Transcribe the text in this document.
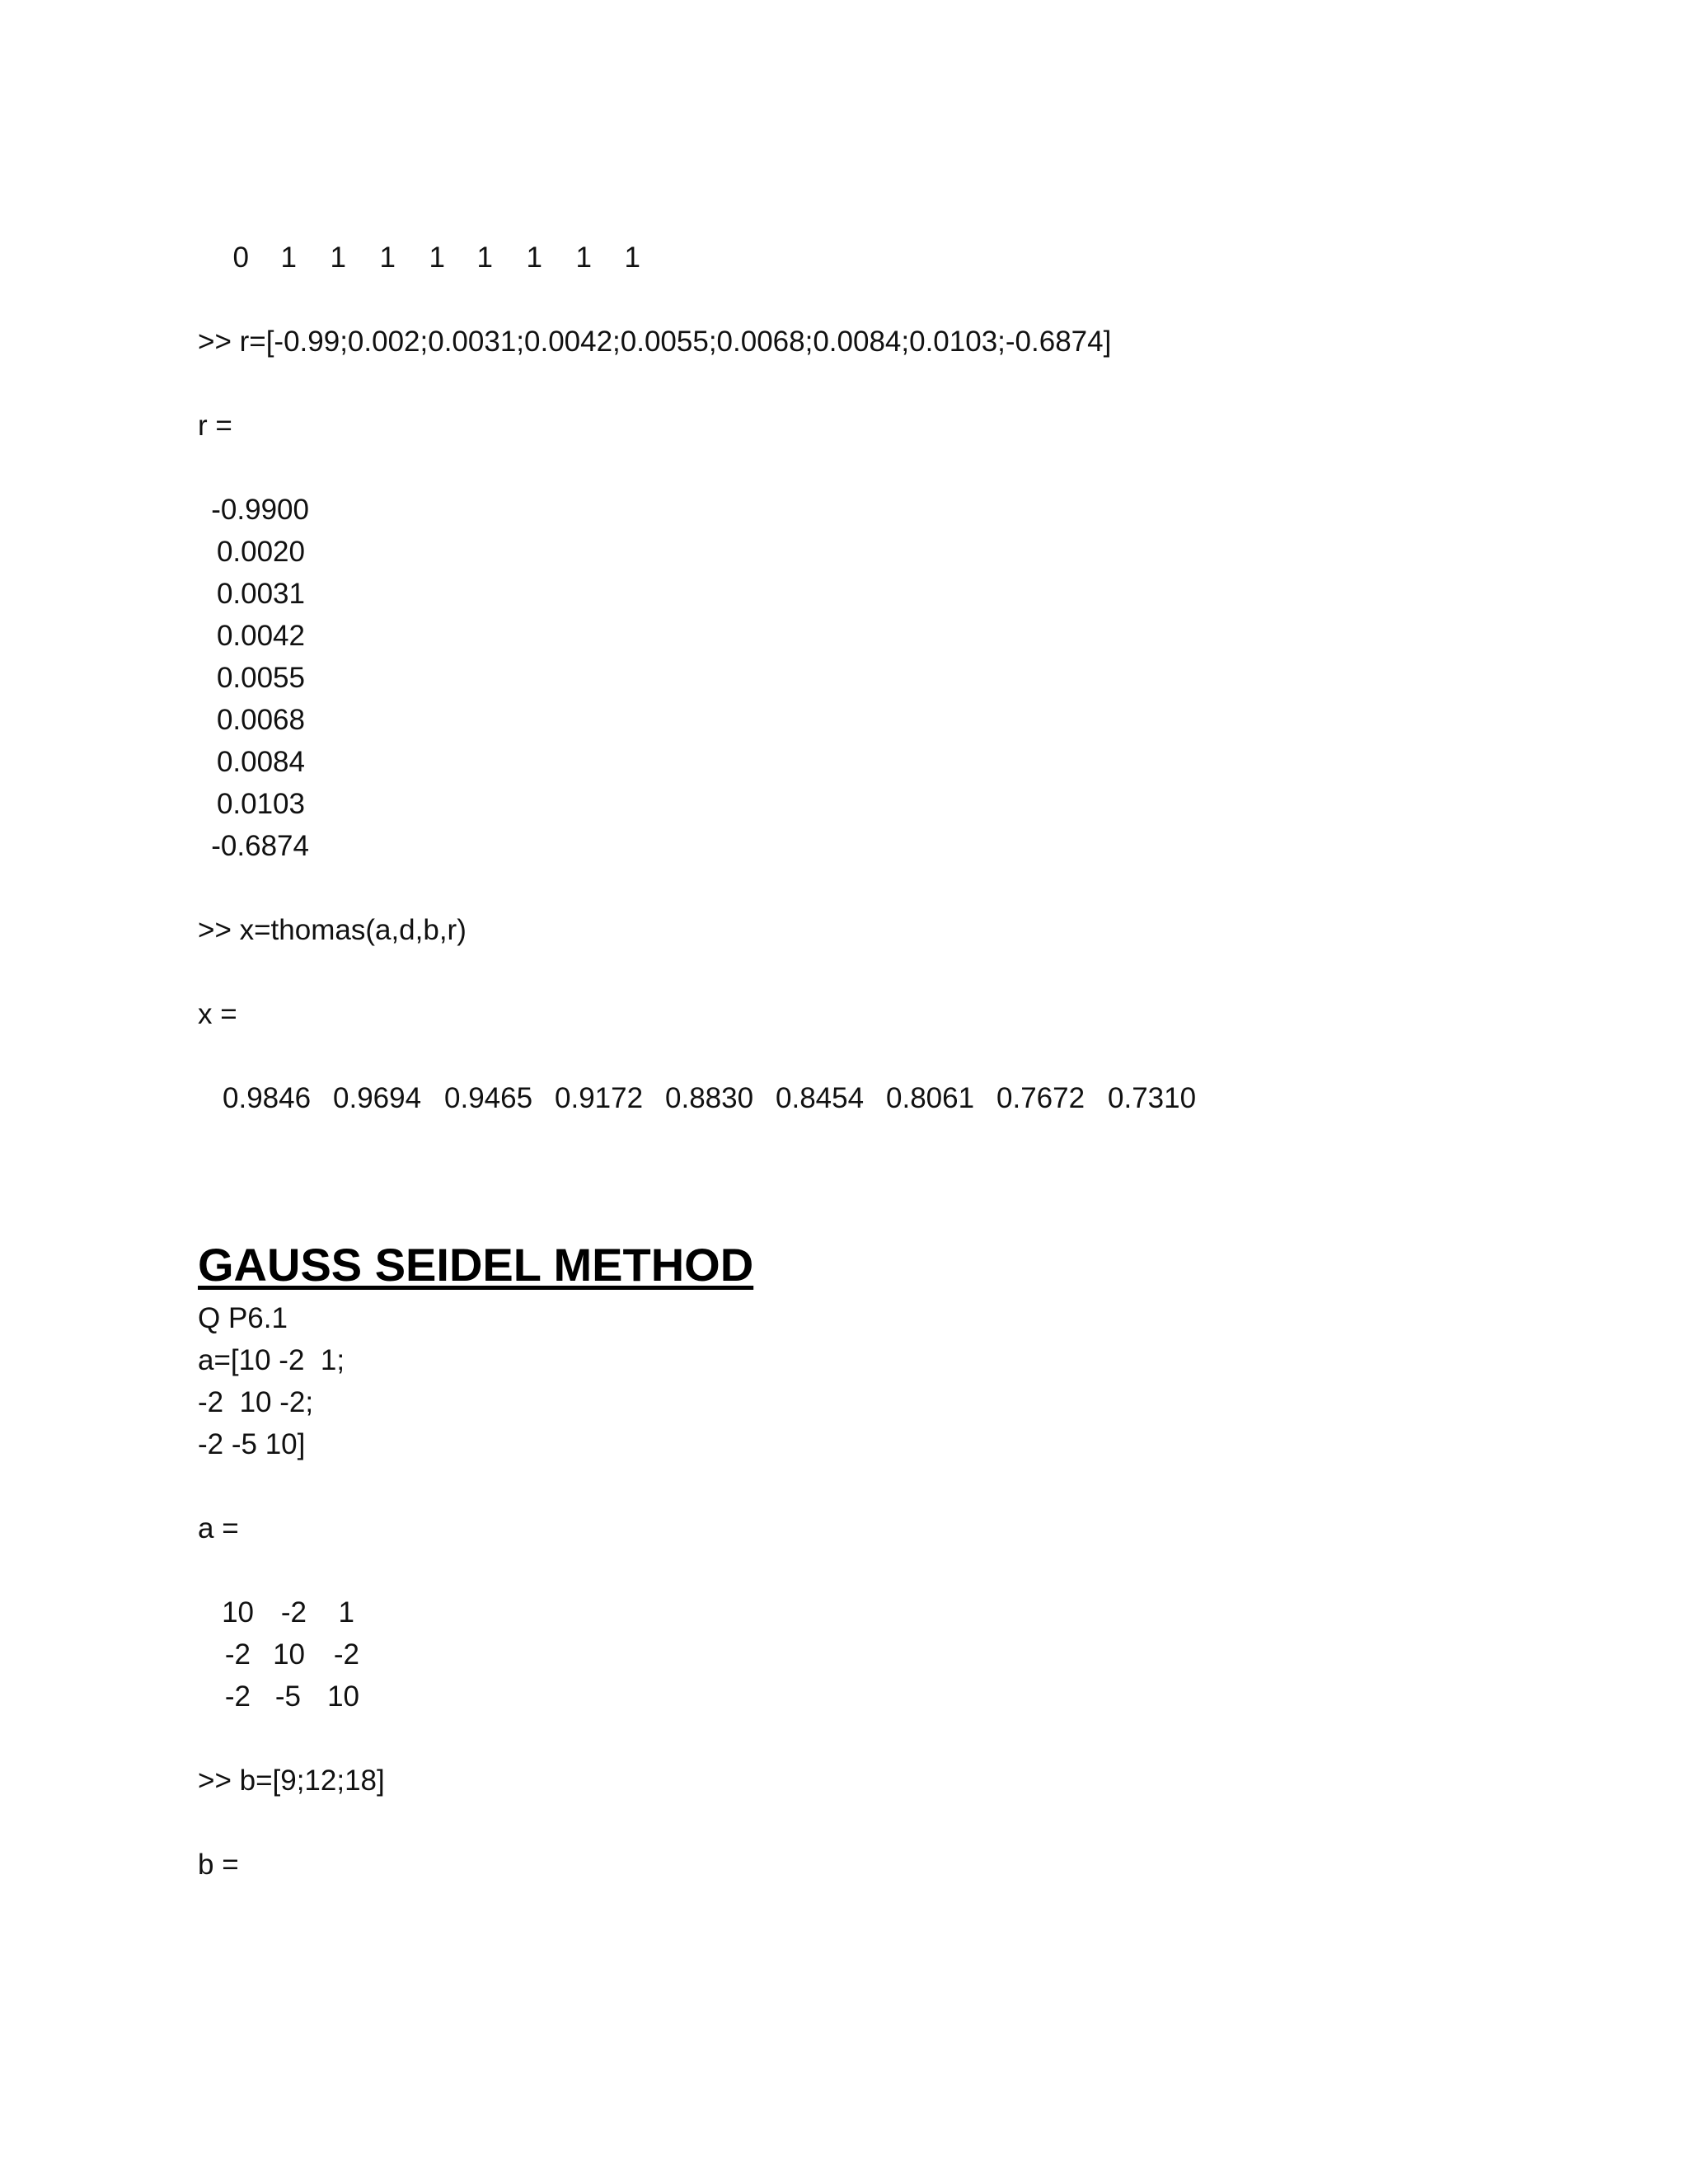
0	1	1	1	1	1	1	1	1
>> r=[-0.99;0.002;0.0031;0.0042;0.0055;0.0068;0.0084;0.0103;-0.6874]
r =
-0.9900
0.0020
0.0031
0.0042
0.0055
0.0068
0.0084
0.0103
-0.6874
>> x=thomas(a,d,b,r)
x =
0.9846 0.9694 0.9465 0.9172 0.8830 0.8454 0.8061 0.7672 0.7310
GAUSS SEIDEL METHOD
Q P6.1
a=[10 -2  1;
-2  10 -2;
-2 -5 10]
a =
10 -2	1
-2 10 -2
-2 -5 10
>> b=[9;12;18]
b =
